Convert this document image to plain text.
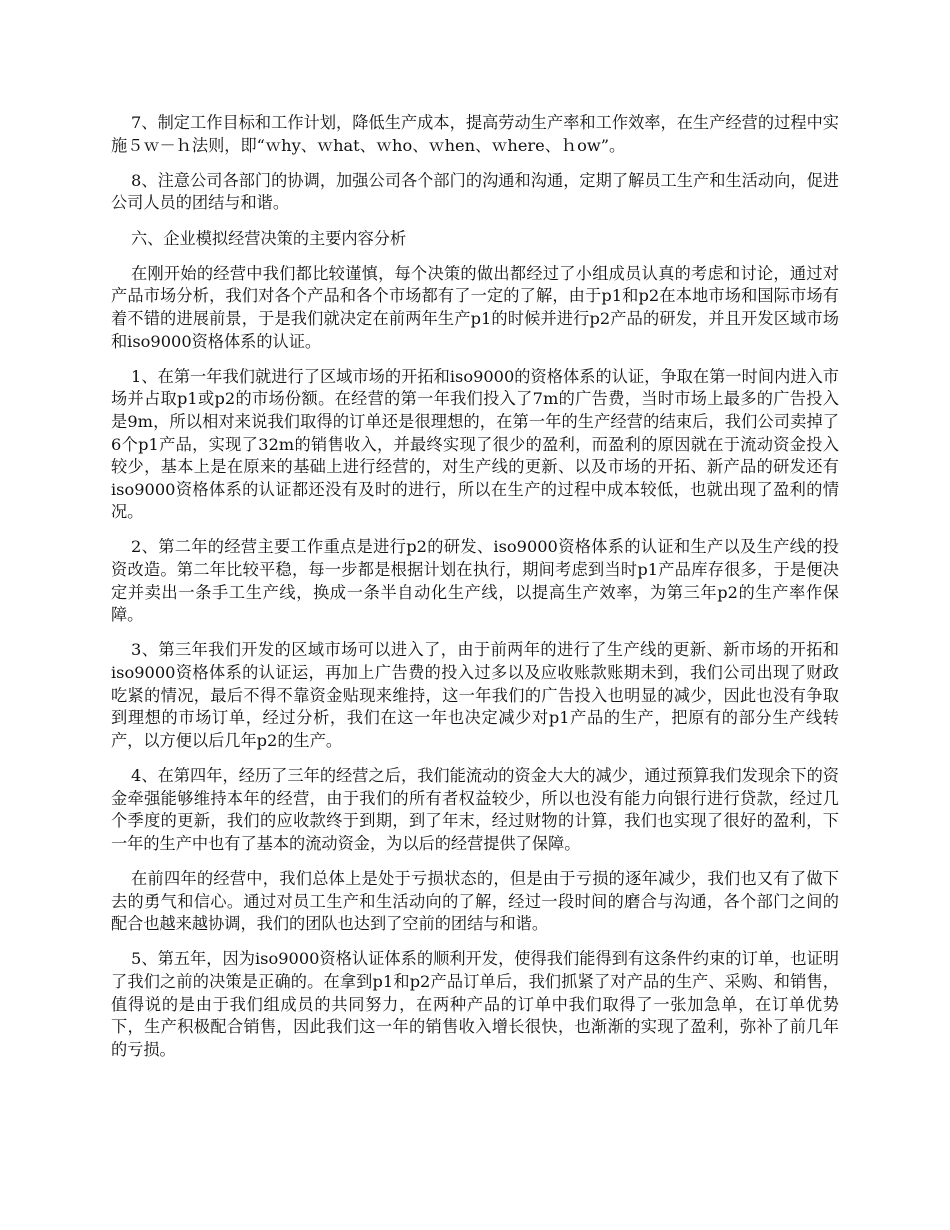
7、制定工作目标和工作计划，降低生产成本，提高劳动生产率和工作效率，在生产经营的过程中实施５ｗ－ｈ法则，即“ｗhy、ｗhat、ｗho、ｗhen、ｗhere、ｈow”。

8、注意公司各部门的协调，加强公司各个部门的沟通和沟通，定期了解员工生产和生活动向，促进公司人员的团结与和谐。

六、企业模拟经营决策的主要内容分析

在刚开始的经营中我们都比较谨慎，每个决策的做出都经过了小组成员认真的考虑和讨论，通过对产品市场分析，我们对各个产品和各个市场都有了一定的了解，由于p1和p2在本地市场和国际市场有着不错的进展前景，于是我们就决定在前两年生产p1的时候并进行p2产品的研发，并且开发区域市场和iso9000资格体系的认证。

1、在第一年我们就进行了区域市场的开拓和iso9000的资格体系的认证，争取在第一时间内进入市场并占取p1或p2的市场份额。在经营的第一年我们投入了7m的广告费，当时市场上最多的广告投入是9m，所以相对来说我们取得的订单还是很理想的，在第一年的生产经营的结束后，我们公司卖掉了6个p1产品，实现了32m的销售收入，并最终实现了很少的盈利，而盈利的原因就在于流动资金投入较少，基本上是在原来的基础上进行经营的，对生产线的更新、以及市场的开拓、新产品的研发还有iso9000资格体系的认证都还没有及时的进行，所以在生产的过程中成本较低，也就出现了盈利的情况。

2、第二年的经营主要工作重点是进行p2的研发、iso9000资格体系的认证和生产以及生产线的投资改造。第二年比较平稳，每一步都是根据计划在执行，期间考虑到当时p1产品库存很多，于是便决定并卖出一条手工生产线，换成一条半自动化生产线，以提高生产效率，为第三年p2的生产率作保障。

3、第三年我们开发的区域市场可以进入了，由于前两年的进行了生产线的更新、新市场的开拓和iso9000资格体系的认证运，再加上广告费的投入过多以及应收账款账期未到，我们公司出现了财政吃紧的情况，最后不得不靠资金贴现来维持，这一年我们的广告投入也明显的减少，因此也没有争取到理想的市场订单，经过分析，我们在这一年也决定减少对p1产品的生产，把原有的部分生产线转产，以方便以后几年p2的生产。

4、在第四年，经历了三年的经营之后，我们能流动的资金大大的减少，通过预算我们发现余下的资金牵强能够维持本年的经营，由于我们的所有者权益较少，所以也没有能力向银行进行贷款，经过几个季度的更新，我们的应收款终于到期，到了年末，经过财物的计算，我们也实现了很好的盈利，下一年的生产中也有了基本的流动资金，为以后的经营提供了保障。

在前四年的经营中，我们总体上是处于亏损状态的，但是由于亏损的逐年减少，我们也又有了做下去的勇气和信心。通过对员工生产和生活动向的了解，经过一段时间的磨合与沟通，各个部门之间的配合也越来越协调，我们的团队也达到了空前的团结与和谐。

5、第五年，因为iso9000资格认证体系的顺利开发，使得我们能得到有这条件约束的订单，也证明了我们之前的决策是正确的。在拿到p1和p2产品订单后，我们抓紧了对产品的生产、采购、和销售，值得说的是由于我们组成员的共同努力，在两种产品的订单中我们取得了一张加急单，在订单优势下，生产积极配合销售，因此我们这一年的销售收入增长很快，也渐渐的实现了盈利，弥补了前几年的亏损。
